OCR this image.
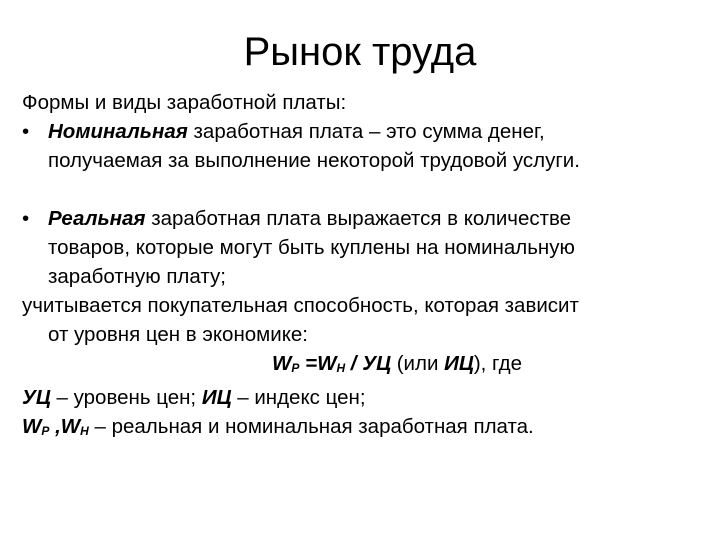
Рынок труда
Формы и виды заработной платы:
• Номинальная заработная плата – это сумма денег,
получаемая за выполнение некоторой трудовой услуги.
• Реальная заработная плата выражается в количестве
товаров, которые могут быть куплены на номинальную
заработную плату;
учитывается покупательная способность, которая зависит
от уровня цен в экономике:
$W_P =W_H$ / УЦ (или ИЦ), где
УЦ – уровень цен; ИЦ – индекс цен;
$W_P$ $,W_H$ – реальная и номинальная заработная плата.
